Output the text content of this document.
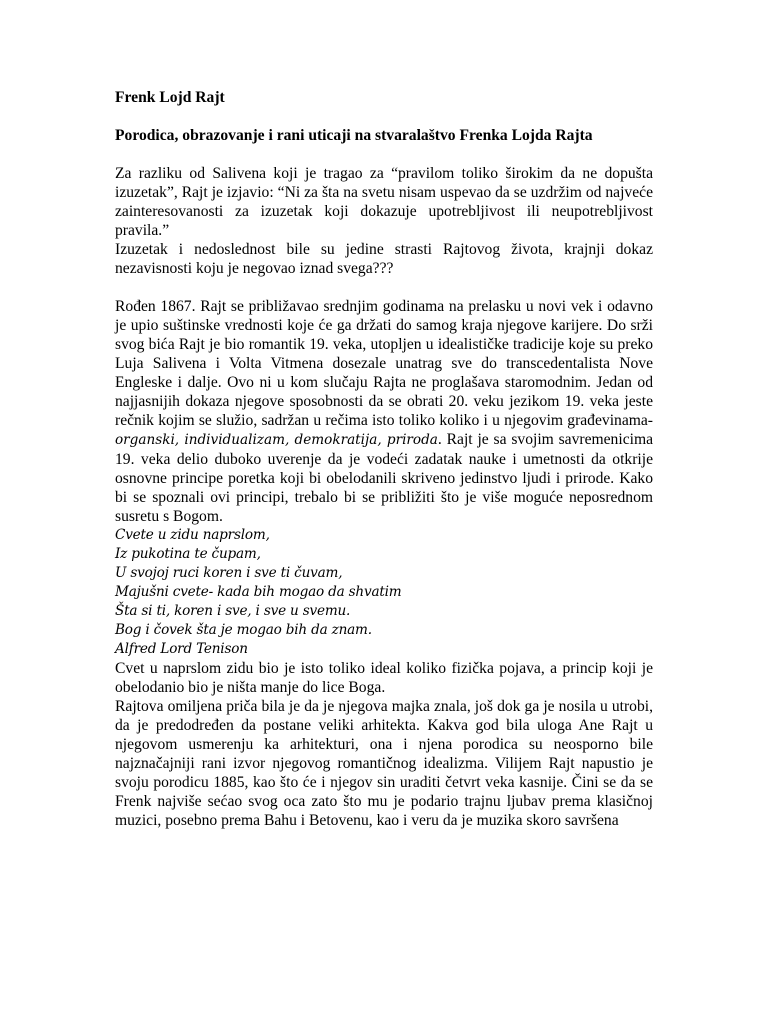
Frenk Lojd Rajt

Porodica, obrazovanje i rani uticaji na stvaralaštvo Frenka Lojda Rajta

Za razliku od Salivena koji je tragao za “pravilom toliko širokim da ne dopušta izuzetak”, Rajt je izjavio: “Ni za šta na svetu nisam uspevao da se uzdržim od najveće zainteresovanosti za izuzetak koji dokazuje upotrebljivost ili neupotrebljivost pravila.”

Izuzetak i nedoslednost bile su jedine strasti Rajtovog života, krajnji dokaz nezavisnosti koju je negovao iznad svega???

Rođen 1867. Rajt se približavao srednjim godinama na prelasku u novi vek i odavno je upio suštinske vrednosti koje će ga držati do samog kraja njegove karijere. Do srži svog bića Rajt je bio romantik 19. veka, utopljen u idealističke tradicije koje su preko Luja Salivena i Volta Vitmena dosezale unatrag sve do transcedentalista Nove Engleske i dalje. Ovo ni u kom slučaju Rajta ne proglašava staromodnim. Jedan od najjasnijih dokaza njegove sposobnosti da se obrati 20. veku jezikom 19. veka jeste rečnik kojim se služio, sadržan u rečima isto toliko koliko i u njegovim građevinama- organski, individualizam, demokratija, priroda. Rajt je sa svojim savremenicima 19. veka delio duboko uverenje da je vodeći zadatak nauke i umetnosti da otkrije osnovne principe poretka koji bi obelodanili skriveno jedinstvo ljudi i prirode. Kako bi se spoznali ovi principi, trebalo bi se približiti što je više moguće neposrednom susretu s Bogom.

Cvete u zidu naprslom,
Iz pukotina te čupam,
U svojoj ruci koren i sve ti čuvam,
Majušni cvete- kada bih mogao da shvatim
Šta si ti, koren i sve, i sve u svemu.
Bog i čovek šta je mogao bih da znam.
Alfred Lord Tenison

Cvet u naprslom zidu bio je isto toliko ideal koliko fizička pojava, a princip koji je obelodanio bio je ništa manje do lice Boga.

Rajtova omiljena priča bila je da je njegova majka znala, još dok ga je nosila u utrobi, da je predodređen da postane veliki arhitekta. Kakva god bila uloga Ane Rajt u njegovom usmerenju ka arhitekturi, ona i njena porodica su neosporno bile najznačajniji rani izvor njegovog romantičnog idealizma. Vilijem Rajt napustio je svoju porodicu 1885, kao što će i njegov sin uraditi četvrt veka kasnije. Čini se da se Frenk najviše sećao svog oca zato što mu je podario trajnu ljubav prema klasičnoj muzici, posebno prema Bahu i Betovenu, kao i veru da je muzika skoro savršena
